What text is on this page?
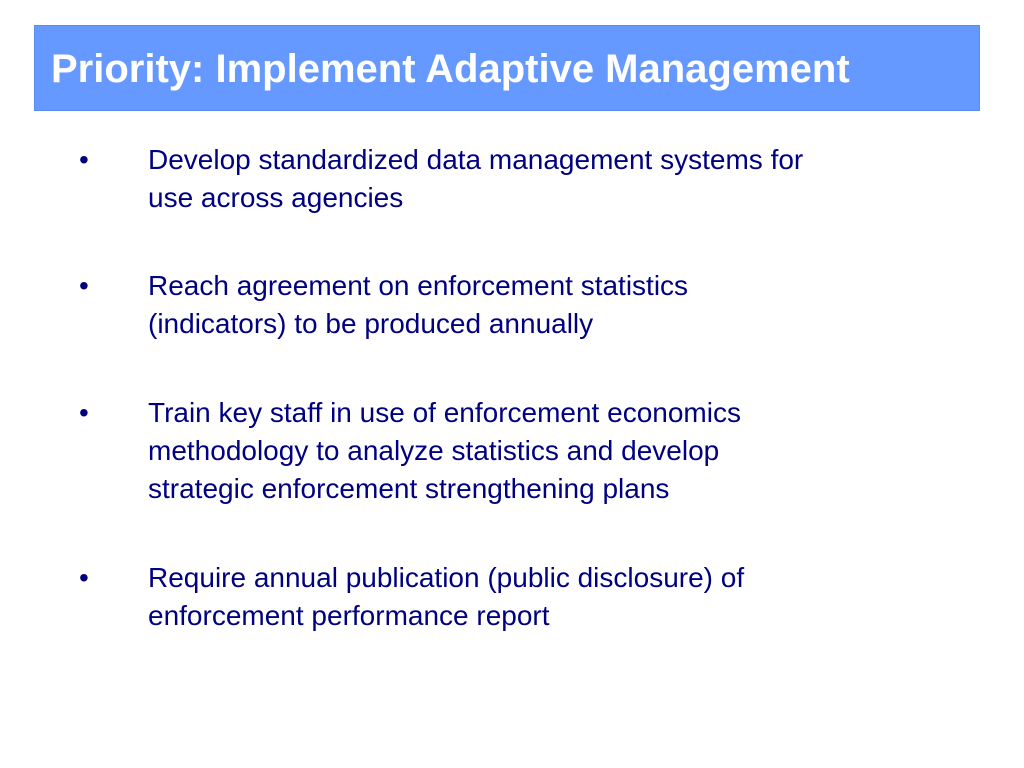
Priority: Implement Adaptive Management
• Develop standardized data management systems for
use across agencies
• Reach agreement on enforcement statistics
(indicators) to be produced annually
• Train key staff in use of enforcement economics
methodology to analyze statistics and develop
strategic enforcement strengthening plans
• Require annual publication (public disclosure) of
enforcement performance report
